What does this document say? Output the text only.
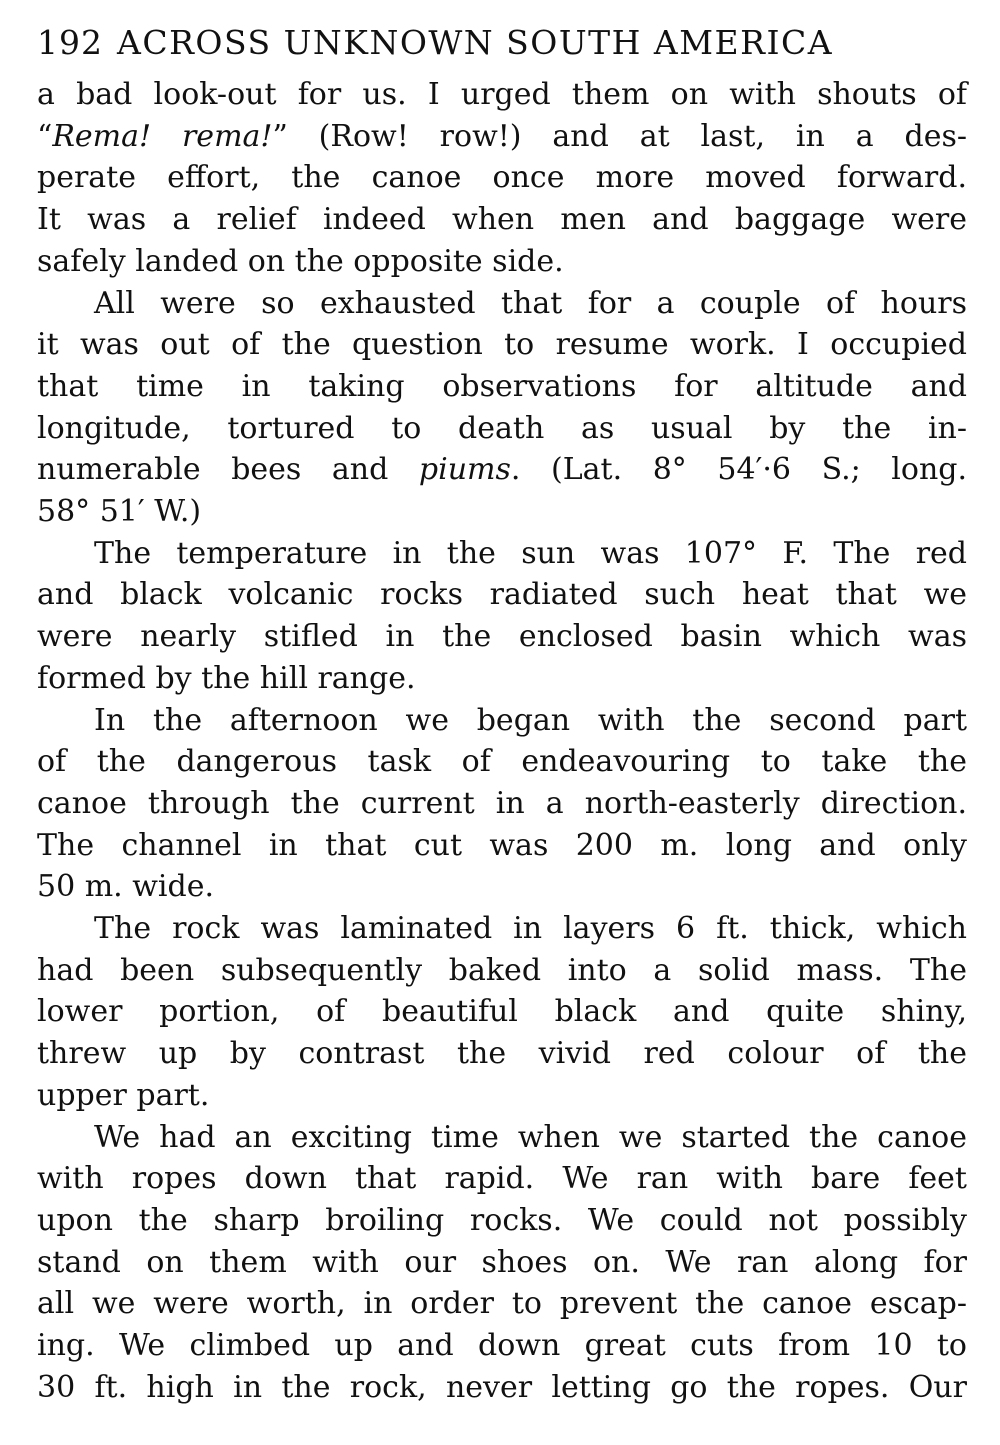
192 ACROSS UNKNOWN SOUTH AMERICA

a bad look-out for us. I urged them on with shouts of
“Rema! rema!” (Row! row!) and at last, in a des-
perate effort, the canoe once more moved forward.
It was a relief indeed when men and baggage were
safely landed on the opposite side.

All were so exhausted that for a couple of hours
it was out of the question to resume work. I occupied
that time in taking observations for altitude and
longitude, tortured to death as usual by the in-
numerable bees and piums. (Lat. 8° 54′·6 S.; long.
58° 51′ W.)

The temperature in the sun was 107° F. The red
and black volcanic rocks radiated such heat that we
were nearly stifled in the enclosed basin which was
formed by the hill range.

In the afternoon we began with the second part
of the dangerous task of endeavouring to take the
canoe through the current in a north-easterly direction.
The channel in that cut was 200 m. long and only
50 m. wide.

The rock was laminated in layers 6 ft. thick, which
had been subsequently baked into a solid mass. The
lower portion, of beautiful black and quite shiny,
threw up by contrast the vivid red colour of the
upper part.

We had an exciting time when we started the canoe
with ropes down that rapid. We ran with bare feet
upon the sharp broiling rocks. We could not possibly
stand on them with our shoes on. We ran along for
all we were worth, in order to prevent the canoe escap-
ing. We climbed up and down great cuts from 10 to
30 ft. high in the rock, never letting go the ropes. Our
